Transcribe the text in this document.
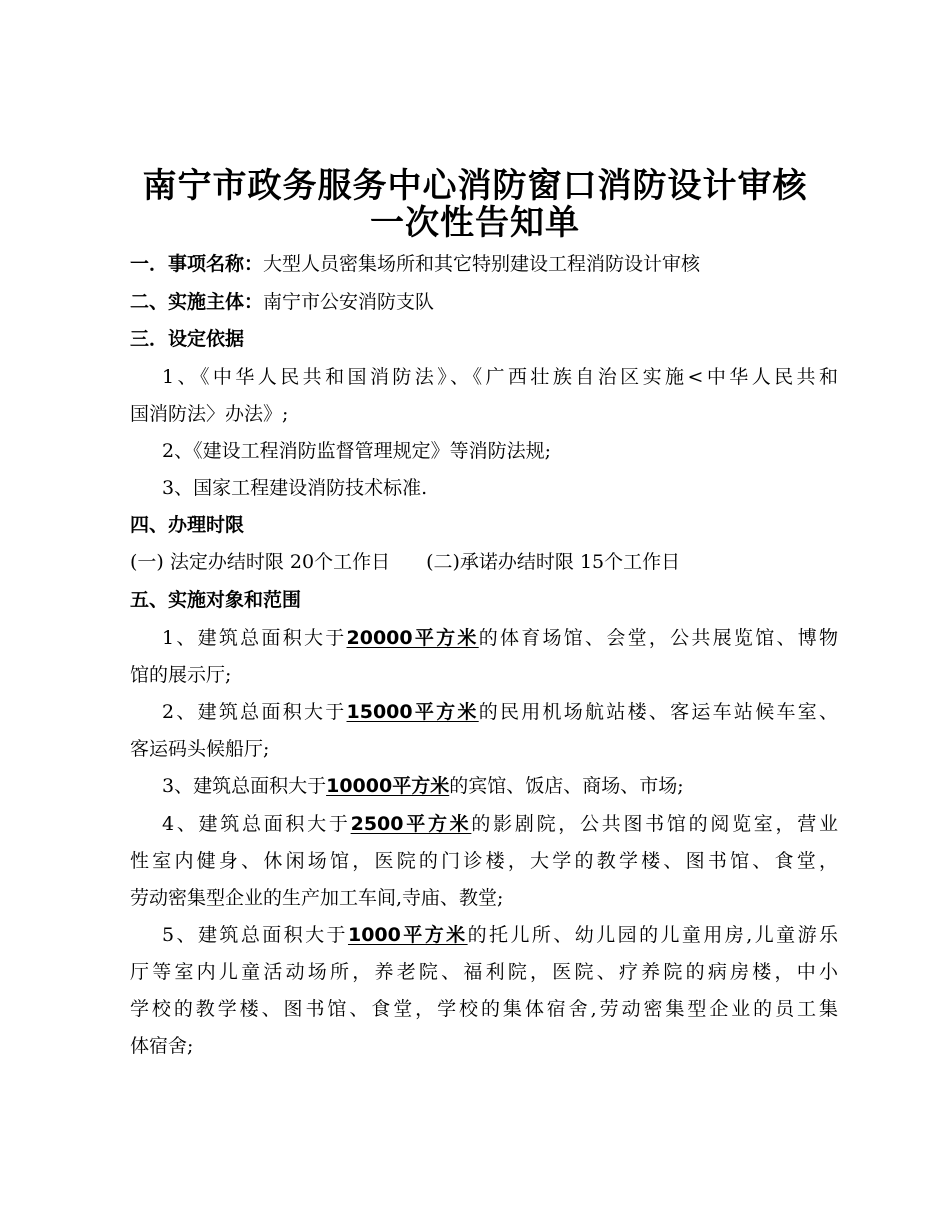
南宁市政务服务中心消防窗口消防设计审核
一次性告知单
一．事项名称：大型人员密集场所和其它特别建设工程消防设计审核
二、实施主体：南宁市公安消防支队
三．设定依据
1、《中华人民共和国消防法》、《广西壮族自治区实施<中华人民共和
国消防法〉办法》;
2、《建设工程消防监督管理规定》等消防法规;
3、国家工程建设消防技术标准.
四、办理时限
(一) 法定办结时限 20个工作日 (二)承诺办结时限 15个工作日
五、实施对象和范围
1、建筑总面积大于20000平方米的体育场馆、会堂，公共展览馆、博物
馆的展示厅;
2、建筑总面积大于15000平方米的民用机场航站楼、客运车站候车室、
客运码头候船厅;
3、建筑总面积大于10000平方米的宾馆、饭店、商场、市场;
4、建筑总面积大于2500平方米的影剧院，公共图书馆的阅览室，营业
性室内健身、休闲场馆，医院的门诊楼，大学的教学楼、图书馆、食堂，
劳动密集型企业的生产加工车间,寺庙、教堂;
5、建筑总面积大于1000平方米的托儿所、幼儿园的儿童用房,儿童游乐
厅等室内儿童活动场所，养老院、福利院，医院、疗养院的病房楼，中小
学校的教学楼、图书馆、食堂，学校的集体宿舍,劳动密集型企业的员工集
体宿舍;
